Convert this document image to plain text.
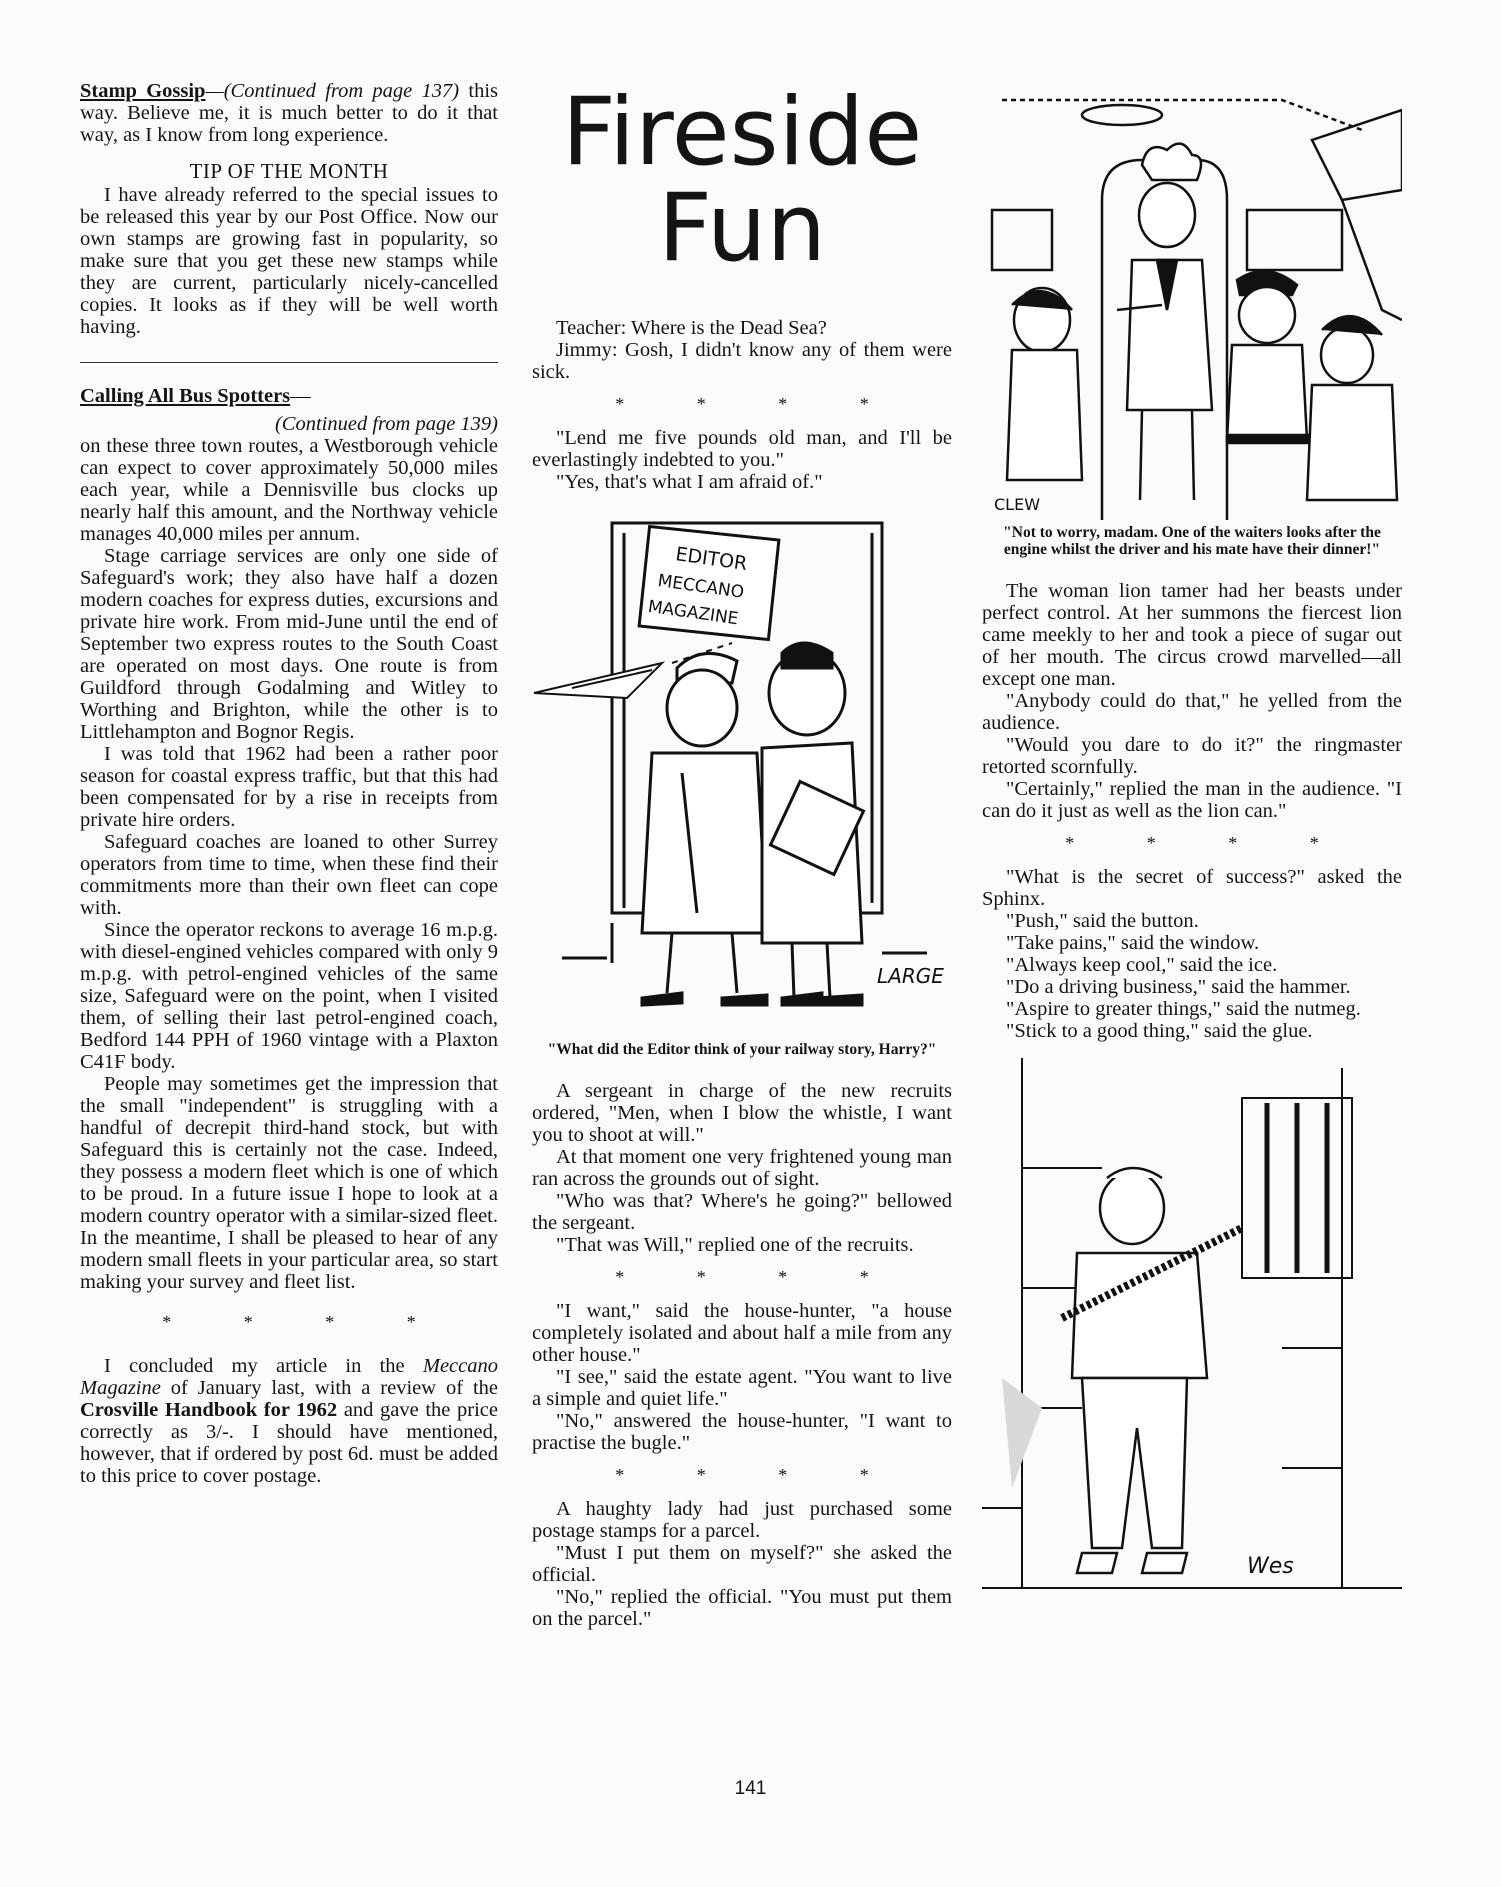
Stamp Gossip—(Continued from page 137) this way. Believe me, it is much better to do it that way, as I know from long experience.

TIP OF THE MONTH

I have already referred to the special issues to be released this year by our Post Office. Now our own stamps are growing fast in popularity, so make sure that you get these new stamps while they are current, particularly nicely-cancelled copies. It looks as if they will be well worth having.

Calling All Bus Spotters—

(Continued from page 139)

on these three town routes, a Westborough vehicle can expect to cover approximately 50,000 miles each year, while a Dennisville bus clocks up nearly half this amount, and the Northway vehicle manages 40,000 miles per annum.

Stage carriage services are only one side of Safeguard's work; they also have half a dozen modern coaches for express duties, excursions and private hire work. From mid-June until the end of September two express routes to the South Coast are operated on most days. One route is from Guildford through Godalming and Witley to Worthing and Brighton, while the other is to Littlehampton and Bognor Regis.

I was told that 1962 had been a rather poor season for coastal express traffic, but that this had been compensated for by a rise in receipts from private hire orders.

Safeguard coaches are loaned to other Surrey operators from time to time, when these find their commitments more than their own fleet can cope with.

Since the operator reckons to average 16 m.p.g. with diesel-engined vehicles compared with only 9 m.p.g. with petrol-engined vehicles of the same size, Safeguard were on the point, when I visited them, of selling their last petrol-engined coach, Bedford 144 PPH of 1960 vintage with a Plaxton C41F body.

People may sometimes get the impression that the small "independent" is struggling with a handful of decrepit third-hand stock, but with Safeguard this is certainly not the case. Indeed, they possess a modern fleet which is one of which to be proud. In a future issue I hope to look at a modern country operator with a similar-sized fleet. In the meantime, I shall be pleased to hear of any modern small fleets in your particular area, so start making your survey and fleet list.

* * * *

I concluded my article in the Meccano Magazine of January last, with a review of the Crosville Handbook for 1962 and gave the price correctly as 3/-. I should have mentioned, however, that if ordered by post 6d. must be added to this price to cover postage.

Fireside
Fun

Teacher: Where is the Dead Sea?

Jimmy: Gosh, I didn't know any of them were sick.

* * * *

"Lend me five pounds old man, and I'll be everlastingly indebted to you."

"Yes, that's what I am afraid of."

EDITOR
MECCANO
MAGAZINE
LARGE
"What did the Editor think of your railway story, Harry?"

A sergeant in charge of the new recruits ordered, "Men, when I blow the whistle, I want you to shoot at will."

At that moment one very frightened young man ran across the grounds out of sight.

"Who was that? Where's he going?" bellowed the sergeant.

"That was Will," replied one of the recruits.

* * * *

"I want," said the house-hunter, "a house completely isolated and about half a mile from any other house."

"I see," said the estate agent. "You want to live a simple and quiet life."

"No," answered the house-hunter, "I want to practise the bugle."

* * * *

A haughty lady had just purchased some postage stamps for a parcel.

"Must I put them on myself?" she asked the official.

"No," replied the official. "You must put them on the parcel."

CLEW
"Not to worry, madam. One of the waiters looks after the engine whilst the driver and his mate have their dinner!"

The woman lion tamer had her beasts under perfect control. At her summons the fiercest lion came meekly to her and took a piece of sugar out of her mouth. The circus crowd marvelled—all except one man.

"Anybody could do that," he yelled from the audience.

"Would you dare to do it?" the ringmaster retorted scornfully.

"Certainly," replied the man in the audience. "I can do it just as well as the lion can."

* * * *

"What is the secret of success?" asked the Sphinx.

"Push," said the button.

"Take pains," said the window.

"Always keep cool," said the ice.

"Do a driving business," said the hammer.

"Aspire to greater things," said the nutmeg.

"Stick to a good thing," said the glue.

Wes
141
